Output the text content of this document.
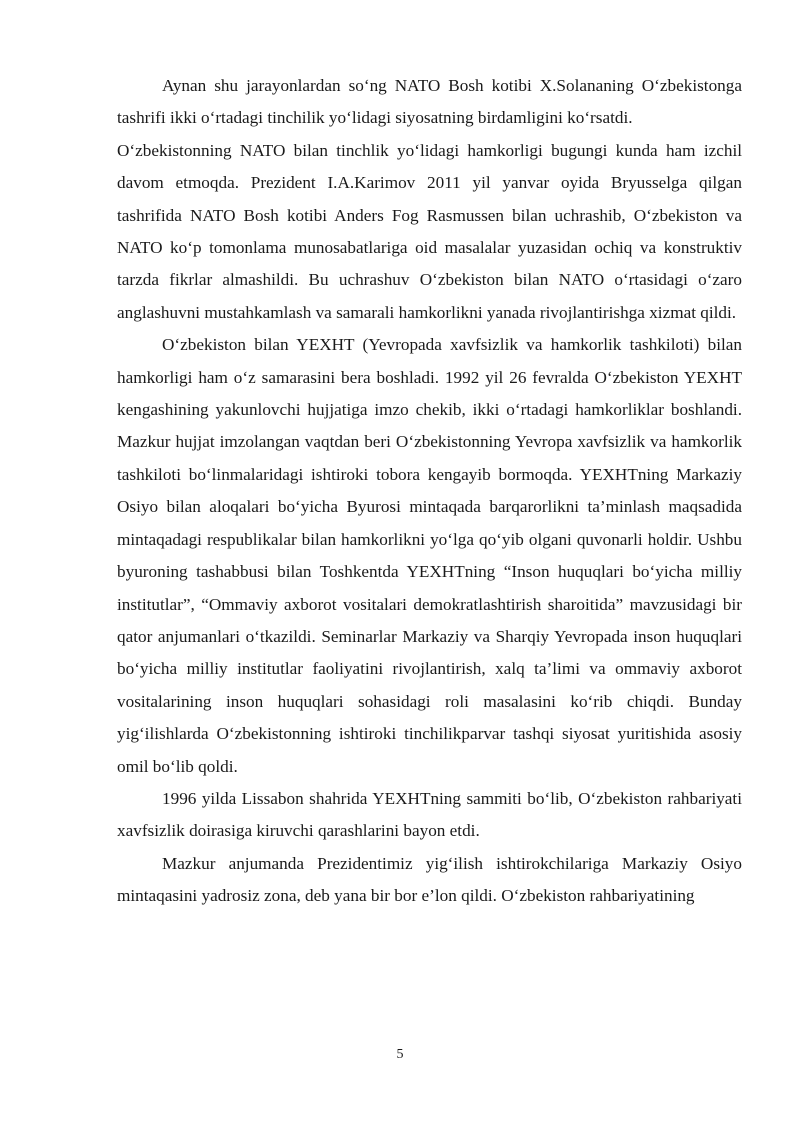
Aynan shu jarayonlardan so‘ng NATO Bosh kotibi X.Solananing O‘zbekistonga tashrifi ikki o‘rtadagi tinchilik yo‘lidagi siyosatning birdamligini ko‘rsatdi.

O‘zbekistonning NATO bilan tinchlik yo‘lidagi hamkorligi bugungi kunda ham izchil davom etmoqda. Prezident I.A.Karimov 2011 yil yanvar oyida Bryusselga qilgan tashrifida NATO Bosh kotibi Anders Fog Rasmussen bilan uchrashib, O‘zbekiston va NATO ko‘p tomonlama munosabatlariga oid masalalar yuzasidan ochiq va konstruktiv tarzda fikrlar almashildi. Bu uchrashuv O‘zbekiston bilan NATO o‘rtasidagi o‘zaro anglashuvni mustahkamlash va samarali hamkorlikni yanada rivojlantirishga xizmat qildi.

O‘zbekiston bilan YEXHT (Yevropada xavfsizlik va hamkorlik tashkiloti) bilan hamkorligi ham o‘z samarasini bera boshladi. 1992 yil 26 fevralda O‘zbekiston YEXHT kengashining yakunlovchi hujjatiga imzo chekib, ikki o‘rtadagi hamkorliklar boshlandi. Mazkur hujjat imzolangan vaqtdan beri O‘zbekistonning Yevropa xavfsizlik va hamkorlik tashkiloti bo‘linmalaridagi ishtiroki tobora kengayib bormoqda. YEXHTning Markaziy Osiyo bilan aloqalari bo‘yicha Byurosi mintaqada barqarorlikni ta’minlash maqsadida mintaqadagi respublikalar bilan hamkorlikni yo‘lga qo‘yib olgani quvonarli holdir. Ushbu byuroning tashabbusi bilan Toshkentda YEXHTning “Inson huquqlari bo‘yicha milliy institutlar”, “Ommaviy axborot vositalari demokratlashtirish sharoitida” mavzusidagi bir qator anjumanlari o‘tkazildi. Seminarlar Markaziy va Sharqiy Yevropada inson huquqlari bo‘yicha milliy institutlar faoliyatini rivojlantirish, xalq ta’limi va ommaviy axborot vositalarining inson huquqlari sohasidagi roli masalasini ko‘rib chiqdi. Bunday yig‘ilishlarda O‘zbekistonning ishtiroki tinchilikparvar tashqi siyosat yuritishida asosiy omil bo‘lib qoldi.

1996 yilda Lissabon shahrida YEXHTning sammiti bo‘lib, O‘zbekiston rahbariyati xavfsizlik doirasiga kiruvchi qarashlarini bayon etdi.

Mazkur anjumanda Prezidentimiz yig‘ilish ishtirokchilariga Markaziy Osiyo mintaqasini yadrosiz zona, deb yana bir bor e’lon qildi. O‘zbekiston rahbariyatining

5
